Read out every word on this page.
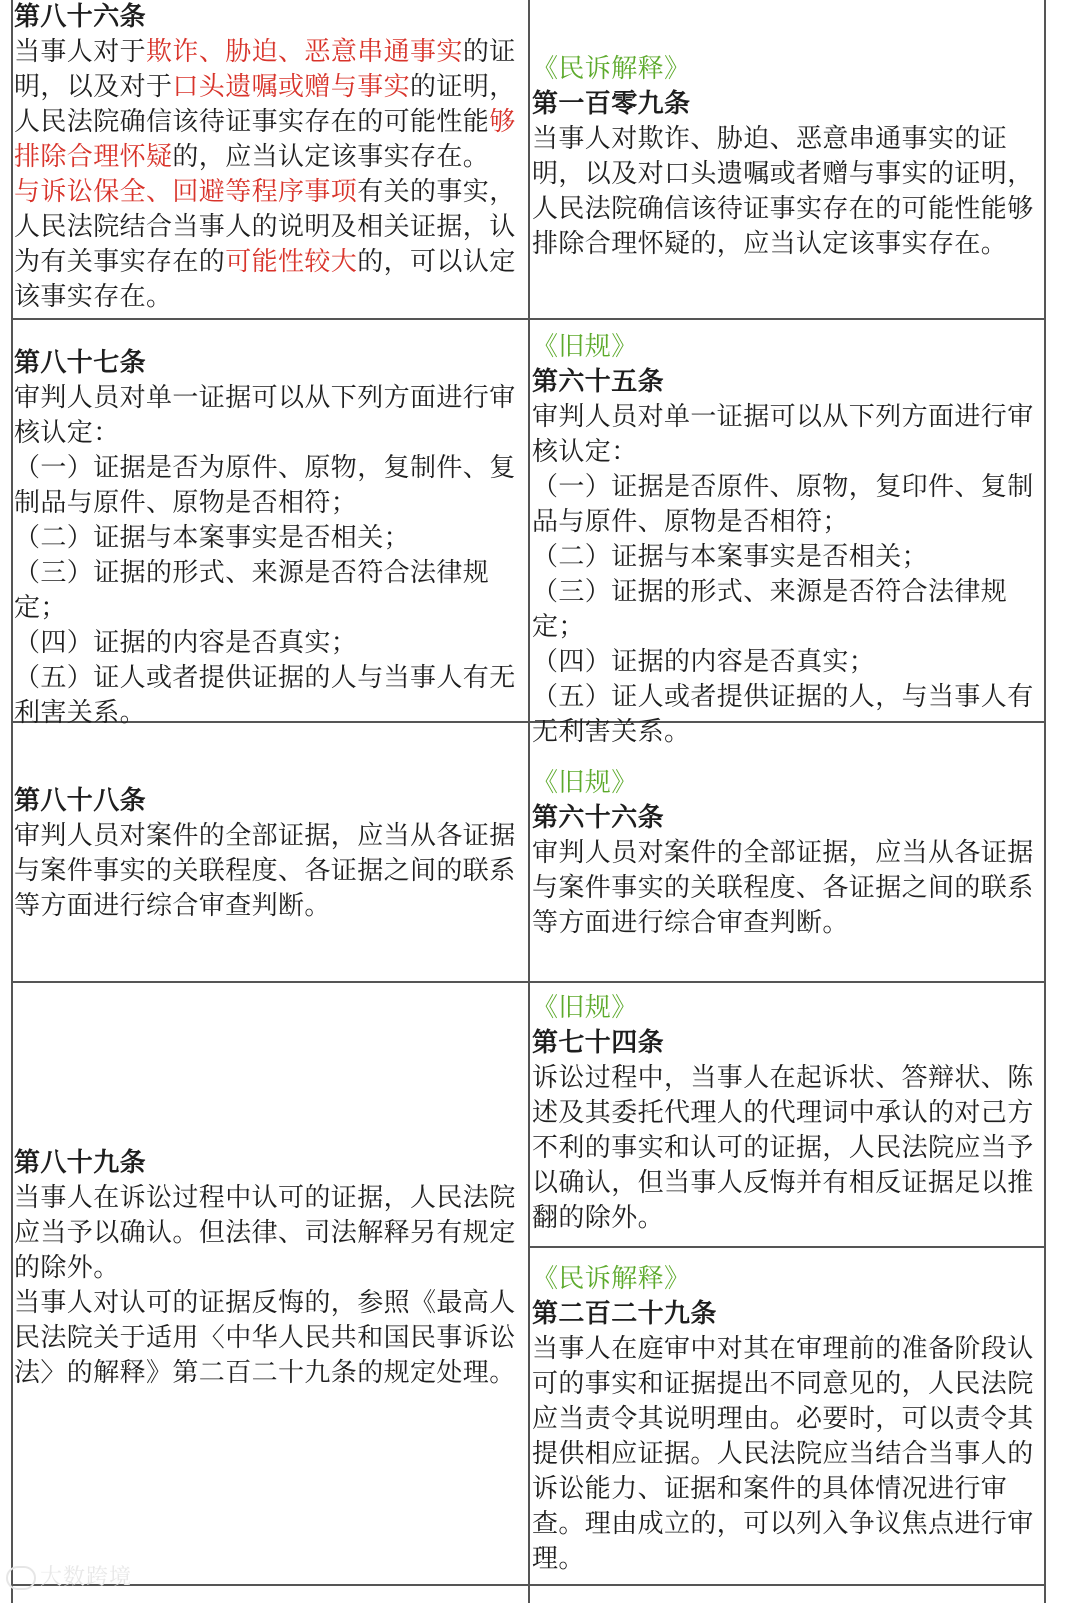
第八十六条
当事人对于欺诈、胁迫、恶意串通事实的证明，以及对于口头遗嘱或赠与事实的证明，人民法院确信该待证事实存在的可能性能够排除合理怀疑的，应当认定该事实存在。
与诉讼保全、回避等程序事项有关的事实，人民法院结合当事人的说明及相关证据，认为有关事实存在的可能性较大的，可以认定该事实存在。
《民诉解释》
第一百零九条
当事人对欺诈、胁迫、恶意串通事实的证明，以及对口头遗嘱或者赠与事实的证明，人民法院确信该待证事实存在的可能性能够排除合理怀疑的，应当认定该事实存在。
第八十七条
审判人员对单一证据可以从下列方面进行审核认定：
（一）证据是否为原件、原物，复制件、复制品与原件、原物是否相符；
（二）证据与本案事实是否相关；
（三）证据的形式、来源是否符合法律规定；
（四）证据的内容是否真实；
（五）证人或者提供证据的人与当事人有无利害关系。
《旧规》
第六十五条
审判人员对单一证据可以从下列方面进行审核认定：
（一）证据是否原件、原物，复印件、复制品与原件、原物是否相符；
（二）证据与本案事实是否相关；
（三）证据的形式、来源是否符合法律规定；
（四）证据的内容是否真实；
（五）证人或者提供证据的人，与当事人有无利害关系。
第八十八条
审判人员对案件的全部证据，应当从各证据与案件事实的关联程度、各证据之间的联系等方面进行综合审查判断。
《旧规》
第六十六条
审判人员对案件的全部证据，应当从各证据与案件事实的关联程度、各证据之间的联系等方面进行综合审查判断。
第八十九条
当事人在诉讼过程中认可的证据，人民法院应当予以确认。但法律、司法解释另有规定的除外。
当事人对认可的证据反悔的，参照《最高人民法院关于适用〈中华人民共和国民事诉讼法〉的解释》第二百二十九条的规定处理。
《旧规》
第七十四条
诉讼过程中，当事人在起诉状、答辩状、陈述及其委托代理人的代理词中承认的对己方不利的事实和认可的证据，人民法院应当予以确认，但当事人反悔并有相反证据足以推翻的除外。
《民诉解释》
第二百二十九条
当事人在庭审中对其在审理前的准备阶段认可的事实和证据提出不同意见的，人民法院应当责令其说明理由。必要时，可以责令其提供相应证据。人民法院应当结合当事人的诉讼能力、证据和案件的具体情况进行审查。理由成立的，可以列入争议焦点进行审理。
大数跨境
